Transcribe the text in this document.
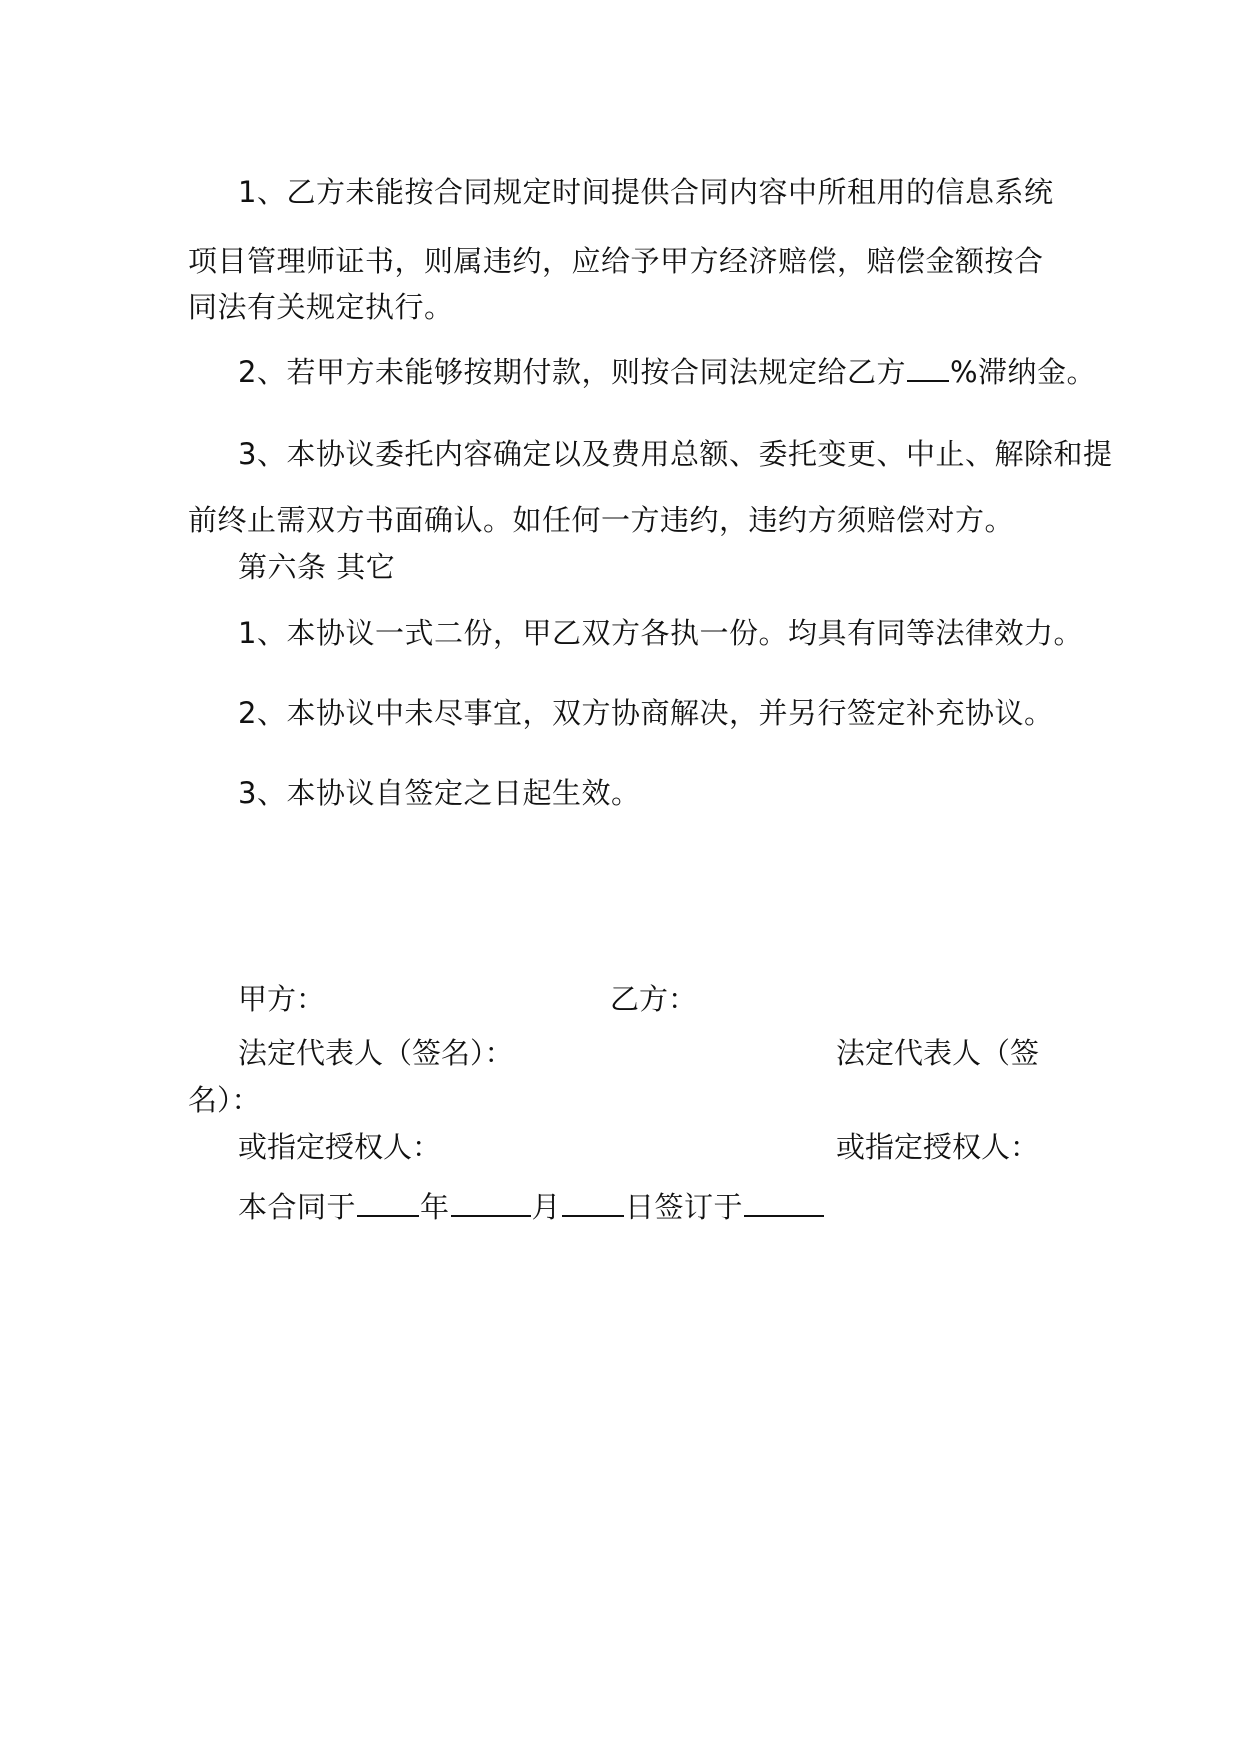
1、乙方未能按合同规定时间提供合同内容中所租用的信息系统
项目管理师证书，则属违约，应给予甲方经济赔偿，赔偿金额按合
同法有关规定执行。
2、若甲方未能够按期付款，则按合同法规定给乙方 %滞纳金。
3、本协议委托内容确定以及费用总额、委托变更、中止、解除和提
前终止需双方书面确认。如任何一方违约，违约方须赔偿对方。
第六条 其它
1、本协议一式二份，甲乙双方各执一份。均具有同等法律效力。
2、本协议中未尽事宜，双方协商解决，并另行签定补充协议。
3、本协议自签定之日起生效。
甲方：	乙方：
法定代表人（签名）：	法定代表人（签
名）：
或指定授权人：	或指定授权人：
本合同于 年	月 日签订于
